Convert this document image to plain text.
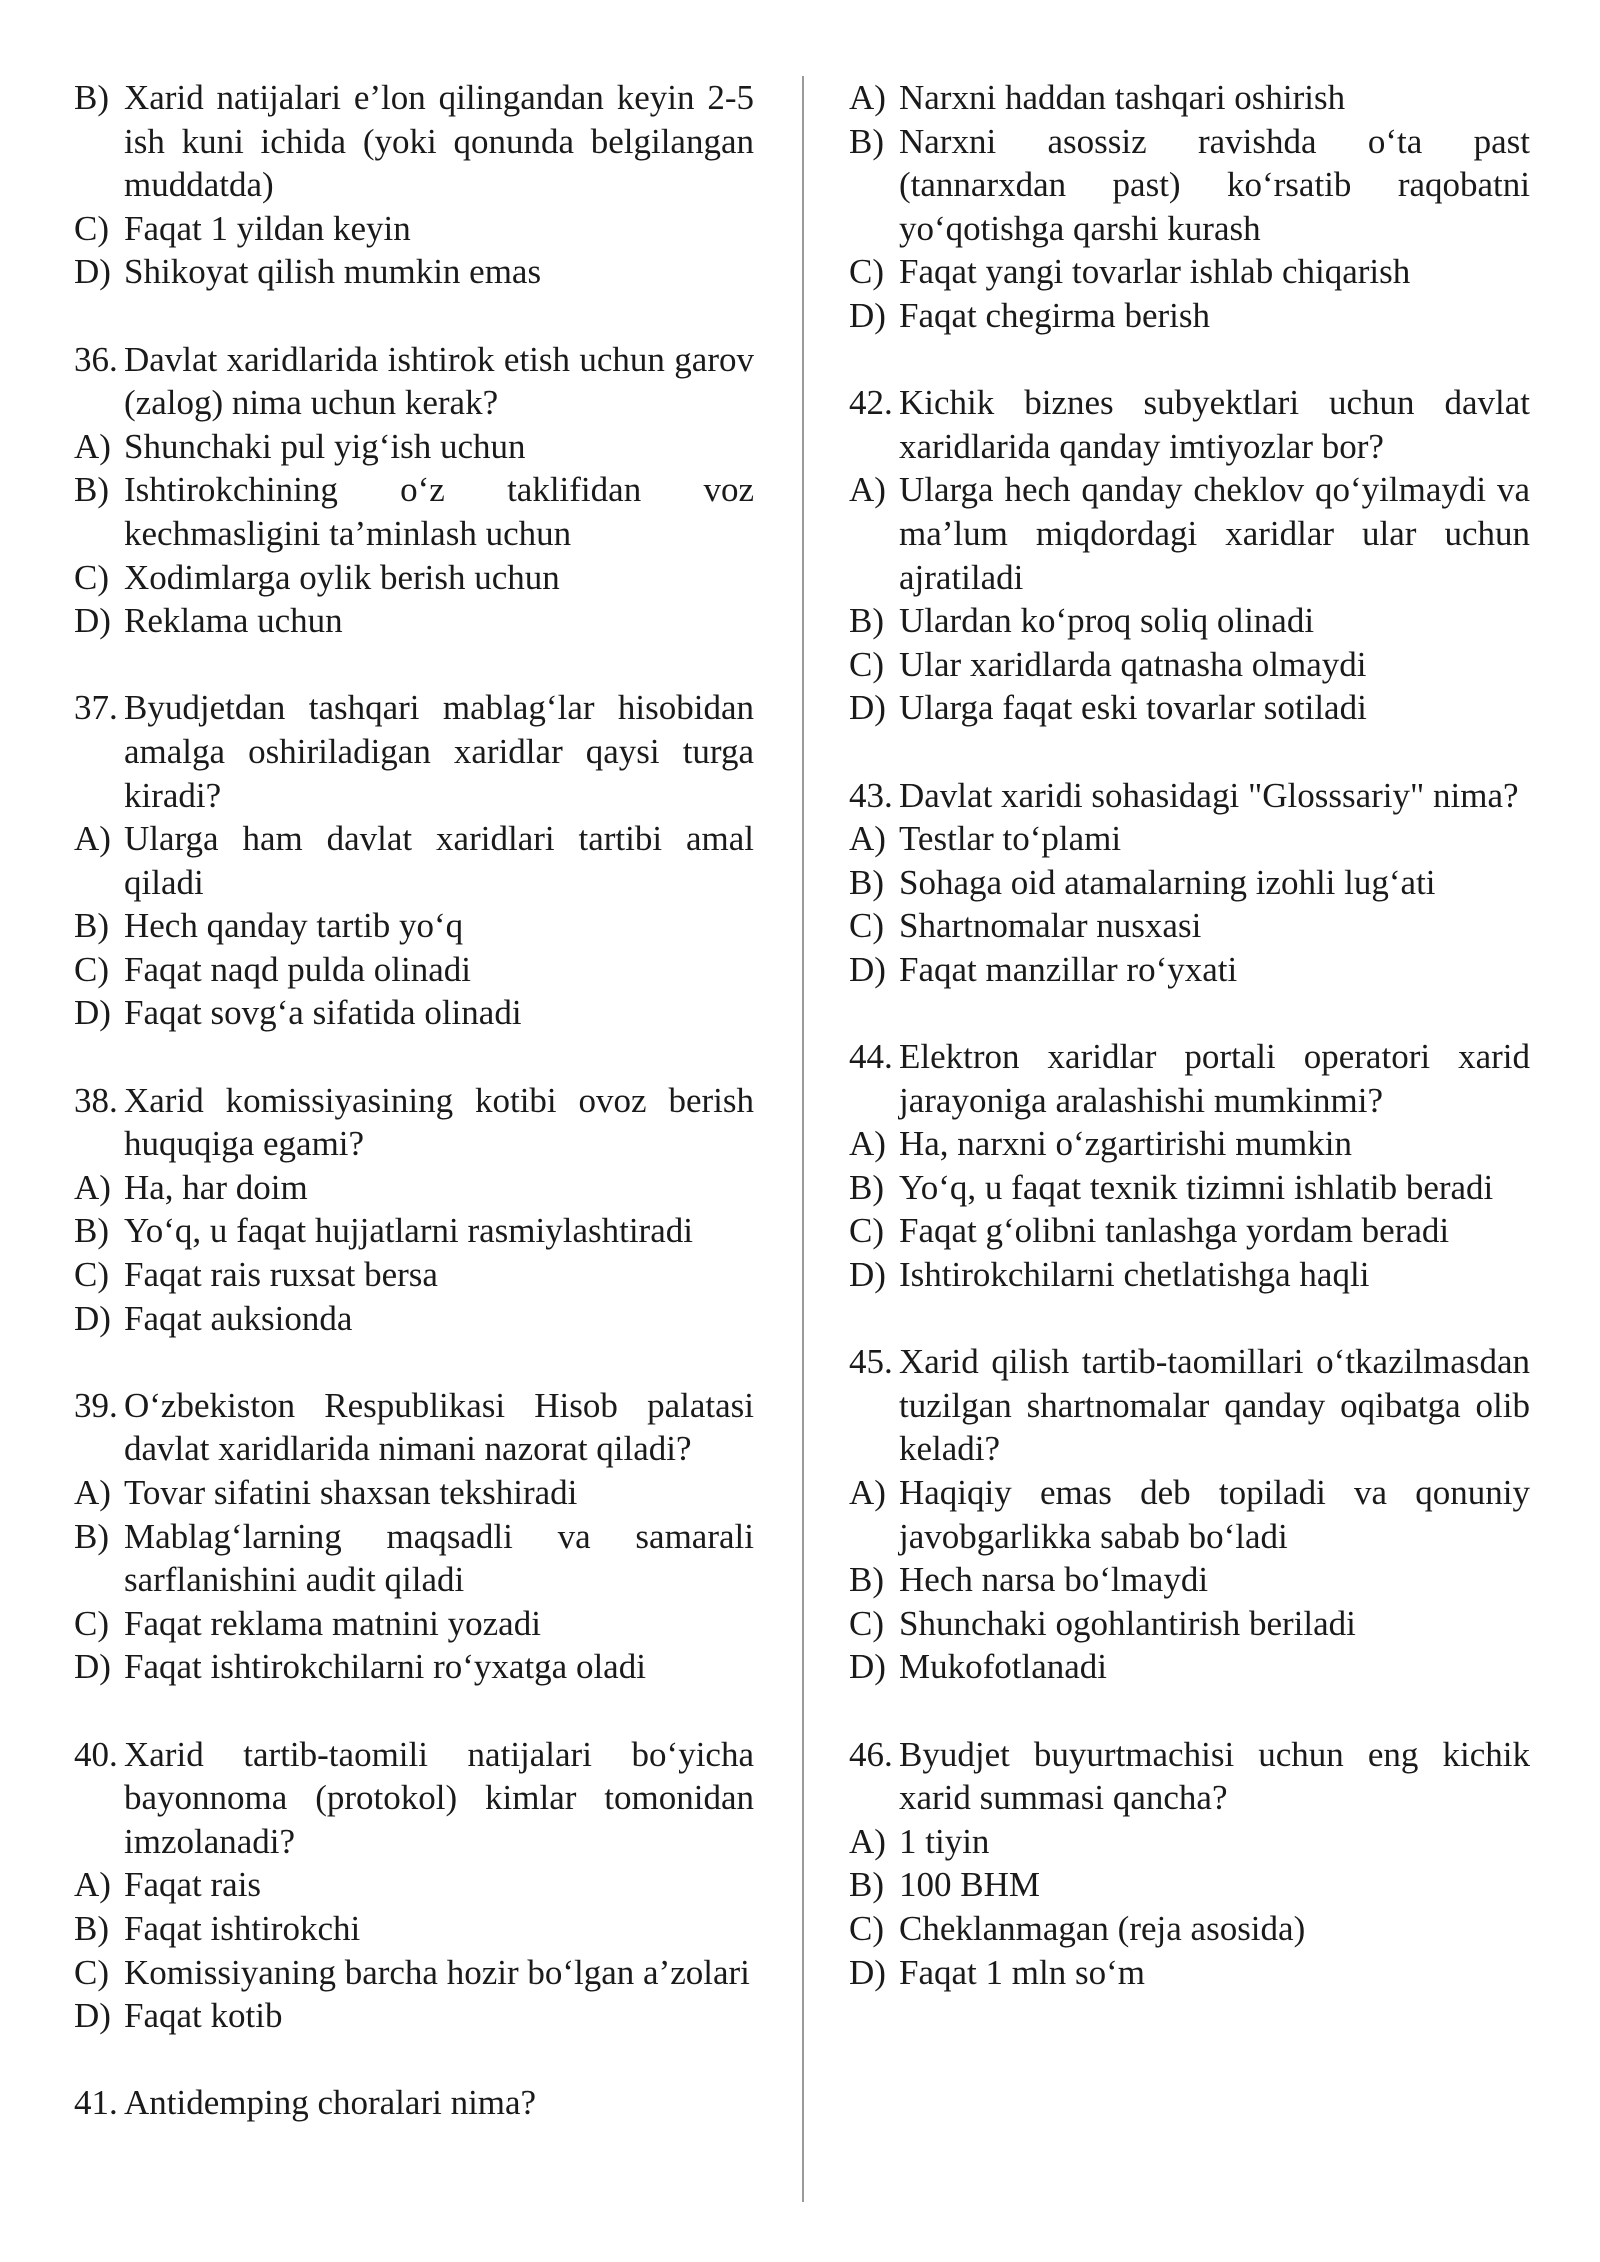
B) Xarid natijalari e’lon qilingandan keyin 2-5 ish kuni ichida (yoki qonunda belgilangan muddatda)
C) Faqat 1 yildan keyin
D) Shikoyat qilish mumkin emas
36. Davlat xaridlarida ishtirok etish uchun garov (zalog) nima uchun kerak?
A) Shunchaki pul yig‘ish uchun
B) Ishtirokchining o‘z taklifidan voz kechmasligini ta’minlash uchun
C) Xodimlarga oylik berish uchun
D) Reklama uchun
37. Byudjetdan tashqari mablag‘lar hisobidan amalga oshiriladigan xaridlar qaysi turga kiradi?
A) Ularga ham davlat xaridlari tartibi amal qiladi
B) Hech qanday tartib yo‘q
C) Faqat naqd pulda olinadi
D) Faqat sovg‘a sifatida olinadi
38. Xarid komissiyasining kotibi ovoz berish huquqiga egami?
A) Ha, har doim
B) Yo‘q, u faqat hujjatlarni rasmiylashtiradi
C) Faqat rais ruxsat bersa
D) Faqat auksionda
39. O‘zbekiston Respublikasi Hisob palatasi davlat xaridlarida nimani nazorat qiladi?
A) Tovar sifatini shaxsan tekshiradi
B) Mablag‘larning maqsadli va samarali sarflanishini audit qiladi
C) Faqat reklama matnini yozadi
D) Faqat ishtirokchilarni ro‘yxatga oladi
40. Xarid tartib-taomili natijalari bo‘yicha bayonnoma (protokol) kimlar tomonidan imzolanadi?
A) Faqat rais
B) Faqat ishtirokchi
C) Komissiyaning barcha hozir bo‘lgan a’zolari
D) Faqat kotib
41. Antidemping choralari nima?
A) Narxni haddan tashqari oshirish
B) Narxni asossiz ravishda o‘ta past (tannarxdan past) ko‘rsatib raqobatni yo‘qotishga qarshi kurash
C) Faqat yangi tovarlar ishlab chiqarish
D) Faqat chegirma berish
42. Kichik biznes subyektlari uchun davlat xaridlarida qanday imtiyozlar bor?
A) Ularga hech qanday cheklov qo‘yilmaydi va ma’lum miqdordagi xaridlar ular uchun ajratiladi
B) Ulardan ko‘proq soliq olinadi
C) Ular xaridlarda qatnasha olmaydi
D) Ularga faqat eski tovarlar sotiladi
43. Davlat xaridi sohasidagi "Glosssariy" nima?
A) Testlar to‘plami
B) Sohaga oid atamalarning izohli lug‘ati
C) Shartnomalar nusxasi
D) Faqat manzillar ro‘yxati
44. Elektron xaridlar portali operatori xarid jarayoniga aralashishi mumkinmi?
A) Ha, narxni o‘zgartirishi mumkin
B) Yo‘q, u faqat texnik tizimni ishlatib beradi
C) Faqat g‘olibni tanlashga yordam beradi
D) Ishtirokchilarni chetlatishga haqli
45. Xarid qilish tartib-taomillari o‘tkazilmasdan tuzilgan shartnomalar qanday oqibatga olib keladi?
A) Haqiqiy emas deb topiladi va qonuniy javobgarlikka sabab bo‘ladi
B) Hech narsa bo‘lmaydi
C) Shunchaki ogohlantirish beriladi
D) Mukofotlanadi
46. Byudjet buyurtmachisi uchun eng kichik xarid summasi qancha?
A) 1 tiyin
B) 100 BHM
C) Cheklanmagan (reja asosida)
D) Faqat 1 mln so‘m
